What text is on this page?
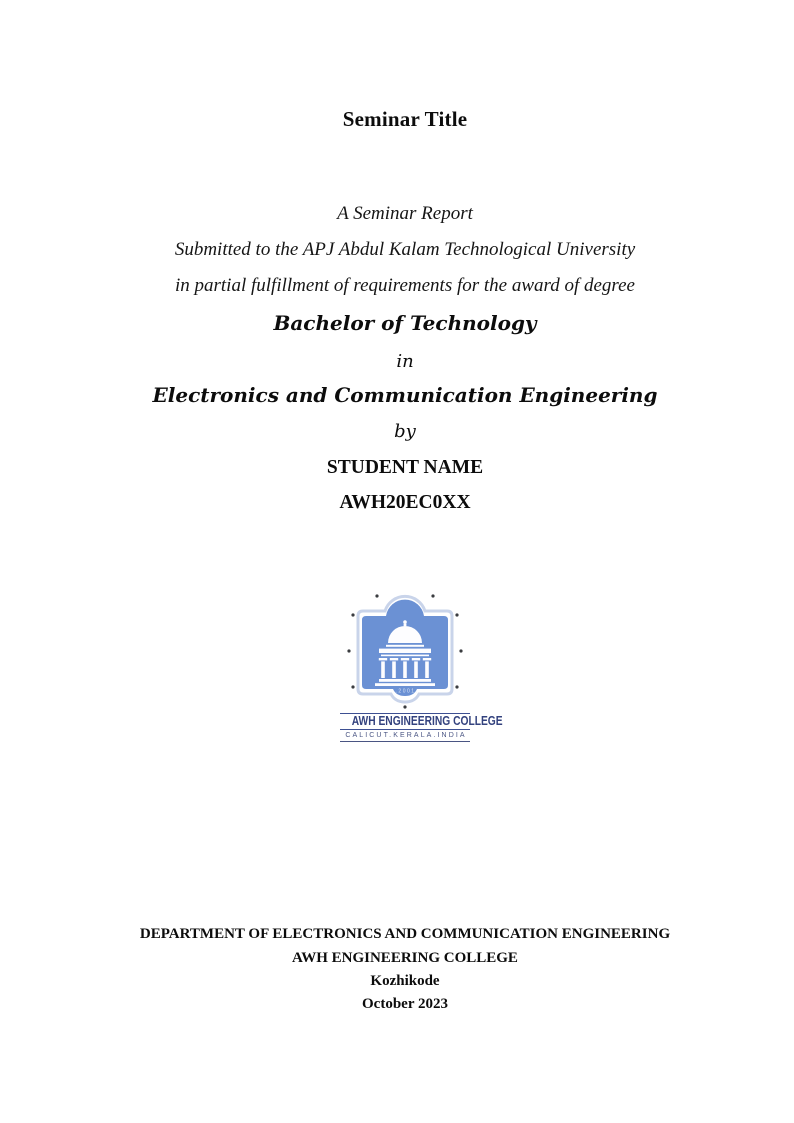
Seminar Title
A Seminar Report
Submitted to the APJ Abdul Kalam Technological University
in partial fulfillment of requirements for the award of degree
Bachelor of Technology
in
Electronics and Communication Engineering
by
STUDENT NAME
AWH20EC0XX
.2001.
AWH ENGINEERING COLLEGE
CALICUT.KERALA.INDIA
DEPARTMENT OF ELECTRONICS AND COMMUNICATION ENGINEERING
AWH ENGINEERING COLLEGE
Kozhikode
October 2023
